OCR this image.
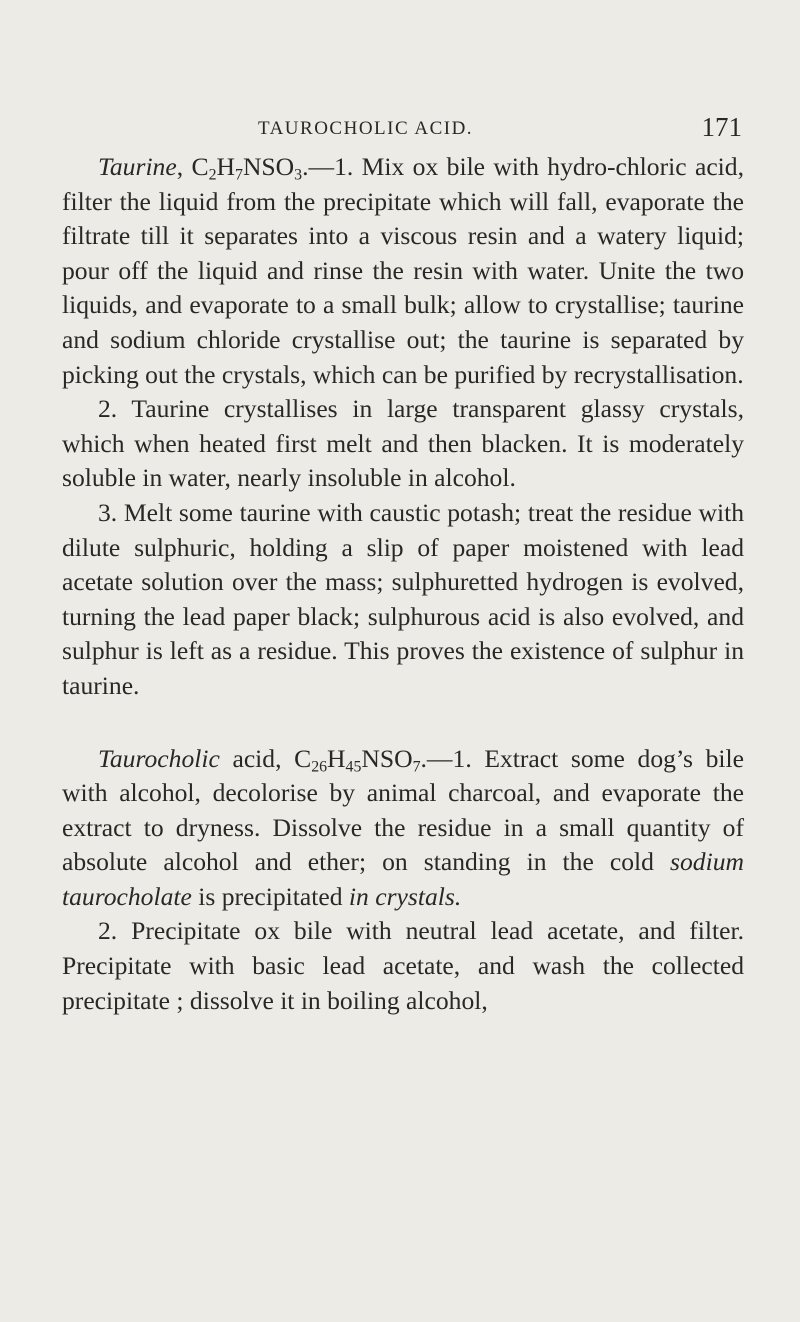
TAUROCHOLIC ACID.	171

Taurine, $C_2H_7NSO_3.—1$. Mix ox bile with hydro-chloric acid, filter the liquid from the precipitate which will fall, evaporate the filtrate till it separates into a viscous resin and a watery liquid; pour off the liquid and rinse the resin with water. Unite the two liquids, and evaporate to a small bulk; allow to crystallise; taurine and sodium chloride crystallise out; the taurine is separated by picking out the crystals, which can be purified by recrystallisation.

2. Taurine crystallises in large transparent glassy crystals, which when heated first melt and then blacken. It is moderately soluble in water, nearly insoluble in alcohol.

3. Melt some taurine with caustic potash; treat the residue with dilute sulphuric, holding a slip of paper moistened with lead acetate solution over the mass; sulphuretted hydrogen is evolved, turning the lead paper black; sulphurous acid is also evolved, and sulphur is left as a residue. This proves the existence of sulphur in taurine.

Taurocholic acid, $C_{26}H_{45}NSO_7.—1$. Extract some dog’s bile with alcohol, decolorise by animal charcoal, and evaporate the extract to dryness. Dissolve the residue in a small quantity of absolute alcohol and ether; on standing in the cold sodium taurocholate is precipitated in crystals.

2. Precipitate ox bile with neutral lead acetate, and filter. Precipitate with basic lead acetate, and wash the collected precipitate ; dissolve it in boiling alcohol,
